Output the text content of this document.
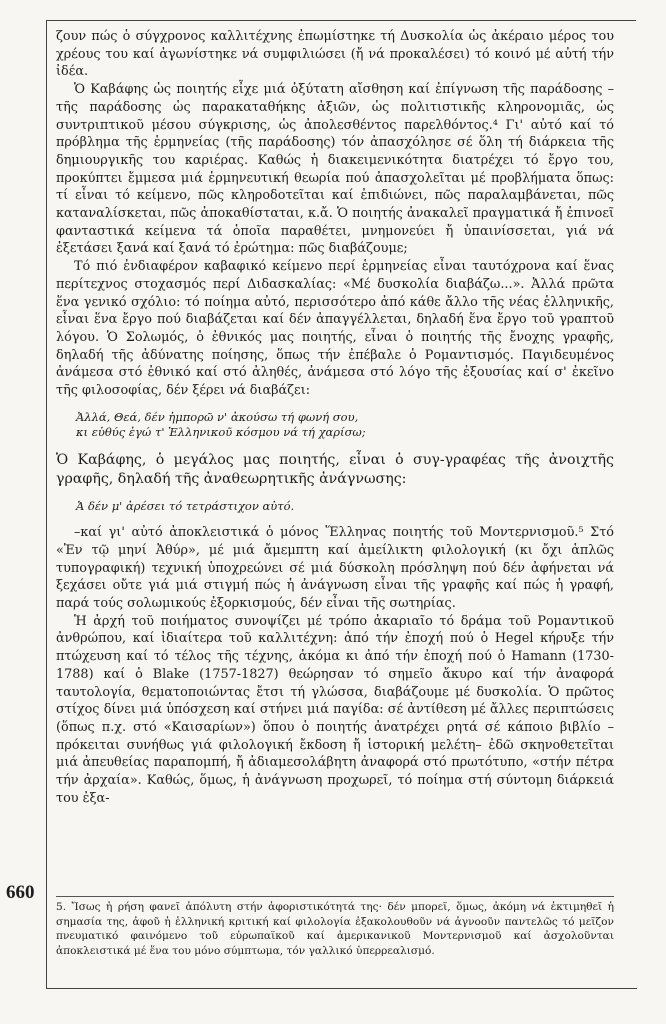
ζουν πώς ὁ σύγχρονος καλλιτέχνης ἐπωμίστηκε τή Δυσκολία ὡς ἀκέραιο μέρος του χρέους του καί ἀγωνίστηκε νά συμφιλιώσει (ἤ νά προκαλέσει) τό κοινό μέ αὐτή τήν ἰδέα.

Ὁ Καβάφης ὡς ποιητής εἶχε μιά ὀξύτατη αἴσθηση καί ἐπίγνωση τῆς παράδοσης –τῆς παράδοσης ὡς παρακαταθήκης ἀξιῶν, ὡς πολιτιστικῆς κληρονομιᾶς, ὡς συντριπτικοῦ μέσου σύγκρισης, ὡς ἀπολεσθέντος παρελθόντος.⁴ Γι' αὐτό καί τό πρόβλημα τῆς ἑρμηνείας (τῆς παράδοσης) τόν ἀπασχόλησε σέ ὅλη τή διάρκεια τῆς δημιουργικῆς του καριέρας. Καθώς ἡ διακειμενικότητα διατρέχει τό ἔργο του, προκύπτει ἔμμεσα μιά ἑρμηνευτική θεωρία πού ἀπασχολεῖται μέ προβλήματα ὅπως: τί εἶναι τό κείμενο, πῶς κληροδοτεῖται καί ἐπιδιώνει, πῶς παραλαμβάνεται, πῶς καταναλίσκεται, πῶς ἀποκαθίσταται, κ.ἄ. Ὁ ποιητής ἀνακαλεῖ πραγματικά ἤ ἐπινοεῖ φανταστικά κείμενα τά ὁποῖα παραθέτει, μνημονεύει ἤ ὑπαινίσσεται, γιά νά ἐξετάσει ξανά καί ξανά τό ἐρώτημα: πῶς διαβάζουμε;

Τό πιό ἐνδιαφέρον καβαφικό κείμενο περί ἑρμηνείας εἶναι ταυτόχρονα καί ἕνας περίτεχνος στοχασμός περί Διδασκαλίας: «Μέ δυσκολία διαβάζω...». Ἀλλά πρῶτα ἕνα γενικό σχόλιο: τό ποίημα αὐτό, περισσότερο ἀπό κάθε ἄλλο τῆς νέας ἑλληνικῆς, εἶναι ἕνα ἔργο πού διαβάζεται καί δέν ἀπαγγέλλεται, δηλαδή ἕνα ἔργο τοῦ γραπτοῦ λόγου. Ὁ Σολωμός, ὁ ἐθνικός μας ποιητής, εἶναι ὁ ποιητής τῆς ἔνοχης γραφῆς, δηλαδή τῆς ἀδύνατης ποίησης, ὅπως τήν ἐπέβαλε ὁ Ρομαντισμός. Παγιδευμένος ἀνάμεσα στό ἐθνικό καί στό ἀληθές, ἀνάμεσα στό λόγο τῆς ἐξουσίας καί σ' ἐκεῖνο τῆς φιλοσοφίας, δέν ξέρει νά διαβάζει:

Ἀλλά, Θεά, δέν ἠμπορῶ ν' ἀκούσω τή φωνή σου,
κι εὐθύς ἐγώ τ' Ἑλληνικοῦ κόσμου νά τή χαρίσω;

Ὁ Καβάφης, ὁ μεγάλος μας ποιητής, εἶναι ὁ συγ-γραφέας τῆς ἀνοιχτῆς γραφῆς, δηλαδή τῆς ἀναθεωρητικῆς ἀνάγνωσης:

Ἀ δέν μ' ἀρέσει τό τετράστιχον αὐτό.

–καί γι' αὐτό ἀποκλειστικά ὁ μόνος Ἕλληνας ποιητής τοῦ Μοντερνισμοῦ.⁵ Στό «Ἐν τῷ μηνί Ἀθύρ», μέ μιά ἄμεμπτη καί ἀμείλικτη φιλολογική (κι ὄχι ἁπλῶς τυπογραφική) τεχνική ὑποχρεώνει σέ μιά δύσκολη πρόσληψη πού δέν ἀφήνεται νά ξεχάσει οὔτε γιά μιά στιγμή πώς ἡ ἀνάγνωση εἶναι τῆς γραφῆς καί πώς ἡ γραφή, παρά τούς σολωμικούς ἐξορκισμούς, δέν εἶναι τῆς σωτηρίας.

Ἡ ἀρχή τοῦ ποιήματος συνοψίζει μέ τρόπο ἀκαριαῖο τό δράμα τοῦ Ρομαντικοῦ ἀνθρώπου, καί ἰδιαίτερα τοῦ καλλιτέχνη: ἀπό τήν ἐποχή πού ὁ Hegel κήρυξε τήν πτώχευση καί τό τέλος τῆς τέχνης, ἀκόμα κι ἀπό τήν ἐποχή πού ὁ Hamann (1730-1788) καί ὁ Blake (1757-1827) θεώρησαν τό σημεῖο ἄκυρο καί τήν ἀναφορά ταυτολογία, θεματοποιώντας ἔτσι τή γλώσσα, διαβάζουμε μέ δυσκολία. Ὁ πρῶτος στίχος δίνει μιά ὑπόσχεση καί στήνει μιά παγίδα: σέ ἀντίθεση μέ ἄλλες περιπτώσεις (ὅπως π.χ. στό «Καισαρίων») ὅπου ὁ ποιητής ἀνατρέχει ρητά σέ κάποιο βιβλίο –πρόκειται συνήθως γιά φιλολογική ἔκδοση ἤ ἱστορική μελέτη– ἐδῶ σκηνοθετεῖται μιά ἀπευθείας παραπομπή, ἤ ἀδιαμεσολάβητη ἀναφορά στό πρωτότυπο, «στήν πέτρα τήν ἀρχαία». Καθώς, ὅμως, ἡ ἀνάγνωση προχωρεῖ, τό ποίημα στή σύντομη διάρκειά του ἐξα-

660
5. Ἴσως ἡ ρήση φανεῖ ἀπόλυτη στήν ἀφοριστικότητά της· δέν μπορεῖ, ὅμως, ἀκόμη νά ἐκτιμηθεῖ ἡ σημασία της, ἀφοῦ ἡ ἑλληνική κριτική καί φιλολογία ἐξακολουθοῦν νά ἀγνοοῦν παντελῶς τό μεῖζον πνευματικό φαινόμενο τοῦ εὐρωπαϊκοῦ καί ἀμερικανικοῦ Μοντερνισμοῦ καί ἀσχολοῦνται ἀποκλειστικά μέ ἕνα του μόνο σύμπτωμα, τόν γαλλικό ὑπερρεαλισμό.
